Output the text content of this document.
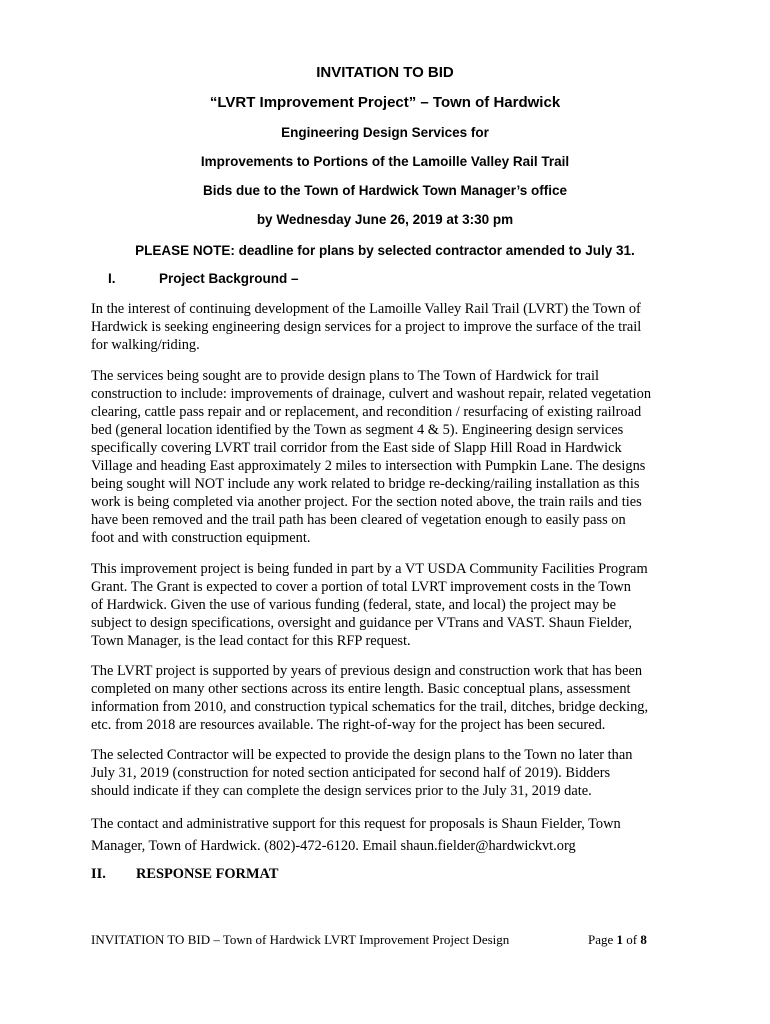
INVITATION TO BID
“LVRT Improvement Project” – Town of Hardwick
Engineering Design Services for
Improvements to Portions of the Lamoille Valley Rail Trail
Bids due to the Town of Hardwick Town Manager’s office
by Wednesday June 26, 2019 at 3:30 pm
PLEASE NOTE: deadline for plans by selected contractor amended to July 31.
I.	Project Background –
In the interest of continuing development of the Lamoille Valley Rail Trail (LVRT) the Town of
Hardwick is seeking engineering design services for a project to improve the surface of the trail
for walking/riding.
The services being sought are to provide design plans to The Town of Hardwick for trail
construction to include: improvements of drainage, culvert and washout repair, related vegetation
clearing, cattle pass repair and or replacement, and recondition / resurfacing of existing railroad
bed (general location identified by the Town as segment 4 & 5). Engineering design services
specifically covering LVRT trail corridor from the East side of Slapp Hill Road in Hardwick
Village and heading East approximately 2 miles to intersection with Pumpkin Lane. The designs
being sought will NOT include any work related to bridge re-decking/railing installation as this
work is being completed via another project. For the section noted above, the train rails and ties
have been removed and the trail path has been cleared of vegetation enough to easily pass on
foot and with construction equipment.
This improvement project is being funded in part by a VT USDA Community Facilities Program
Grant. The Grant is expected to cover a portion of total LVRT improvement costs in the Town
of Hardwick. Given the use of various funding (federal, state, and local) the project may be
subject to design specifications, oversight and guidance per VTrans and VAST. Shaun Fielder,
Town Manager, is the lead contact for this RFP request.
The LVRT project is supported by years of previous design and construction work that has been
completed on many other sections across its entire length. Basic conceptual plans, assessment
information from 2010, and construction typical schematics for the trail, ditches, bridge decking,
etc. from 2018 are resources available. The right-of-way for the project has been secured.
The selected Contractor will be expected to provide the design plans to the Town no later than
July 31, 2019 (construction for noted section anticipated for second half of 2019). Bidders
should indicate if they can complete the design services prior to the July 31, 2019 date.
The contact and administrative support for this request for proposals is Shaun Fielder, Town
Manager, Town of Hardwick. (802)-472-6120. Email shaun.fielder@hardwickvt.org
II. RESPONSE FORMAT
INVITATION TO BID – Town of Hardwick LVRT Improvement Project Design	Page 1 of 8
